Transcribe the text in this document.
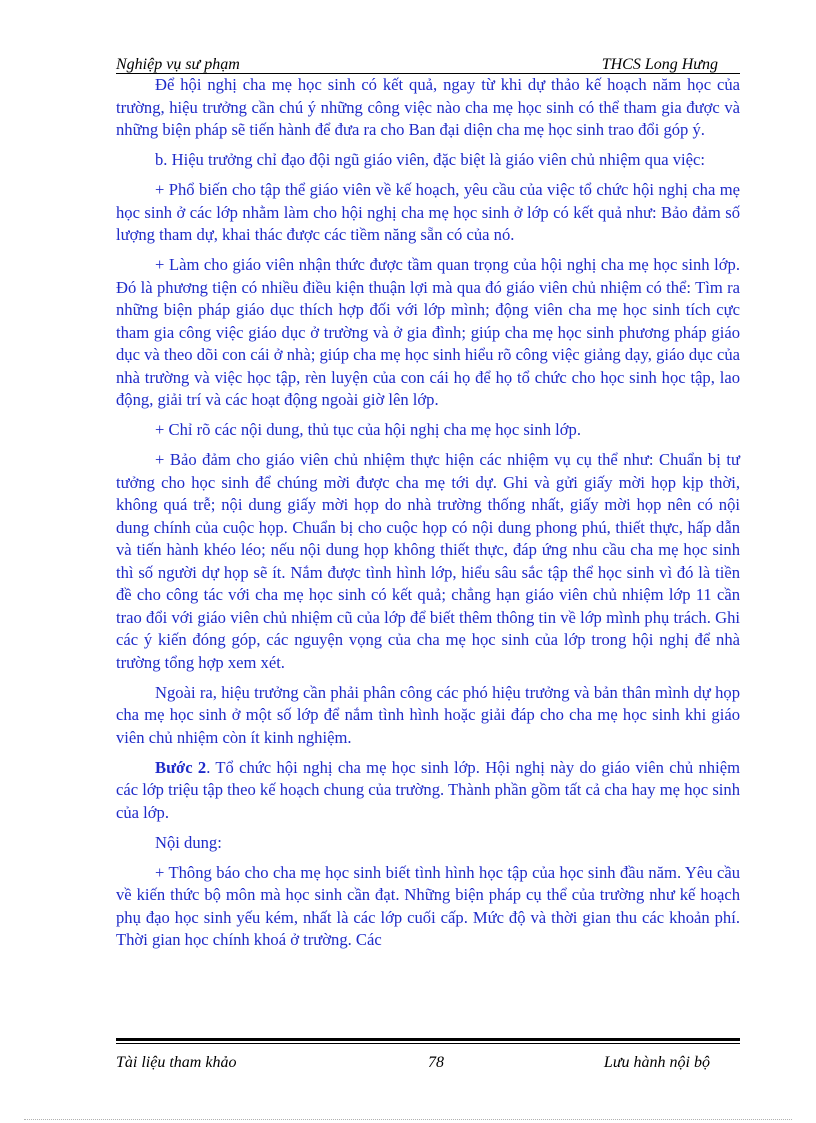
Nghiệp vụ sư phạm	THCS Long Hưng

Để hội nghị cha mẹ học sinh có kết quả, ngay từ khi dự thảo kế hoạch năm học của trường, hiệu trưởng cần chú ý những công việc nào cha mẹ học sinh có thể tham gia được và những biện pháp sẽ tiến hành để đưa ra cho Ban đại diện cha mẹ học sinh trao đổi góp ý.

b. Hiệu trưởng chỉ đạo đội ngũ giáo viên, đặc biệt là giáo viên chủ nhiệm qua việc:

+ Phổ biến cho tập thể giáo viên về kế hoạch, yêu cầu của việc tổ chức hội nghị cha mẹ học sinh ở các lớp nhằm làm cho hội nghị cha mẹ học sinh ở lớp có kết quả như: Bảo đảm số lượng tham dự, khai thác được các tiềm năng sẵn có của nó.

+ Làm cho giáo viên nhận thức được tầm quan trọng của hội nghị cha mẹ học sinh lớp. Đó là phương tiện có nhiều điều kiện thuận lợi mà qua đó giáo viên chủ nhiệm có thể: Tìm ra những biện pháp giáo dục thích hợp đối với lớp mình; động viên cha mẹ học sinh tích cực tham gia công việc giáo dục ở trường và ở gia đình; giúp cha mẹ học sinh phương pháp giáo dục và theo dõi con cái ở nhà; giúp cha mẹ học sinh hiểu rõ công việc giảng dạy, giáo dục của nhà trường và việc học tập, rèn luyện của con cái họ để họ tổ chức cho học sinh học tập, lao động, giải trí và các hoạt động ngoài giờ lên lớp.

+ Chỉ rõ các nội dung, thủ tục của hội nghị cha mẹ học sinh lớp.

+ Bảo đảm cho giáo viên chủ nhiệm thực hiện các nhiệm vụ cụ thể như: Chuẩn bị tư tưởng cho học sinh để chúng mời được cha mẹ tới dự. Ghi và gửi giấy mời họp kịp thời, không quá trễ; nội dung giấy mời họp do nhà trường thống nhất, giấy mời họp nên có nội dung chính của cuộc họp. Chuẩn bị cho cuộc họp có nội dung phong phú, thiết thực, hấp dẫn và tiến hành khéo léo; nếu nội dung họp không thiết thực, đáp ứng nhu cầu cha mẹ học sinh thì số người dự họp sẽ ít. Nắm được tình hình lớp, hiểu sâu sắc tập thể học sinh vì đó là tiền đề cho công tác với cha mẹ học sinh có kết quả; chẳng hạn giáo viên chủ nhiệm lớp 11 cần trao đổi với giáo viên chủ nhiệm cũ của lớp để biết thêm thông tin về lớp mình phụ trách. Ghi các ý kiến đóng góp, các nguyện vọng của cha mẹ học sinh của lớp trong hội nghị để nhà trường tổng hợp xem xét.

Ngoài ra, hiệu trưởng cần phải phân công các phó hiệu trưởng và bản thân mình dự họp cha mẹ học sinh ở một số lớp để nắm tình hình hoặc giải đáp cho cha mẹ học sinh khi giáo viên chủ nhiệm còn ít kinh nghiệm.

Bước 2. Tổ chức hội nghị cha mẹ học sinh lớp. Hội nghị này do giáo viên chủ nhiệm các lớp triệu tập theo kế hoạch chung của trường. Thành phần gồm tất cả cha hay mẹ học sinh của lớp.

Nội dung:

+ Thông báo cho cha mẹ học sinh biết tình hình học tập của học sinh đầu năm. Yêu cầu về kiến thức bộ môn mà học sinh cần đạt. Những biện pháp cụ thể của trường như kế hoạch phụ đạo học sinh yếu kém, nhất là các lớp cuối cấp. Mức độ và thời gian thu các khoản phí. Thời gian học chính khoá ở trường. Các

Tài liệu tham khảo	78	Lưu hành nội bộ
